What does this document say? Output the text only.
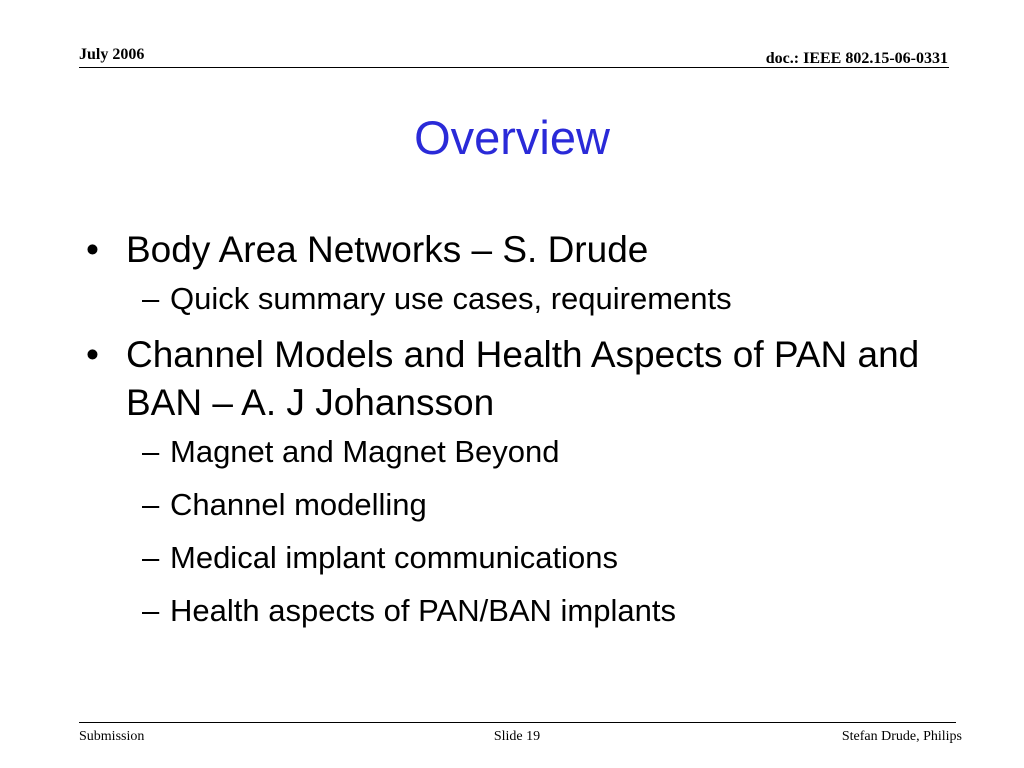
July 2006	doc.: IEEE 802.15-06-0331
Overview
• Body Area Networks – S. Drude
– Quick summary use cases, requirements
• Channel Models and Health Aspects of PAN and BAN – A. J Johansson
– Magnet and Magnet Beyond
– Channel modelling
– Medical implant communications
– Health aspects of PAN/BAN implants
Submission	Slide 19	Stefan Drude, Philips
